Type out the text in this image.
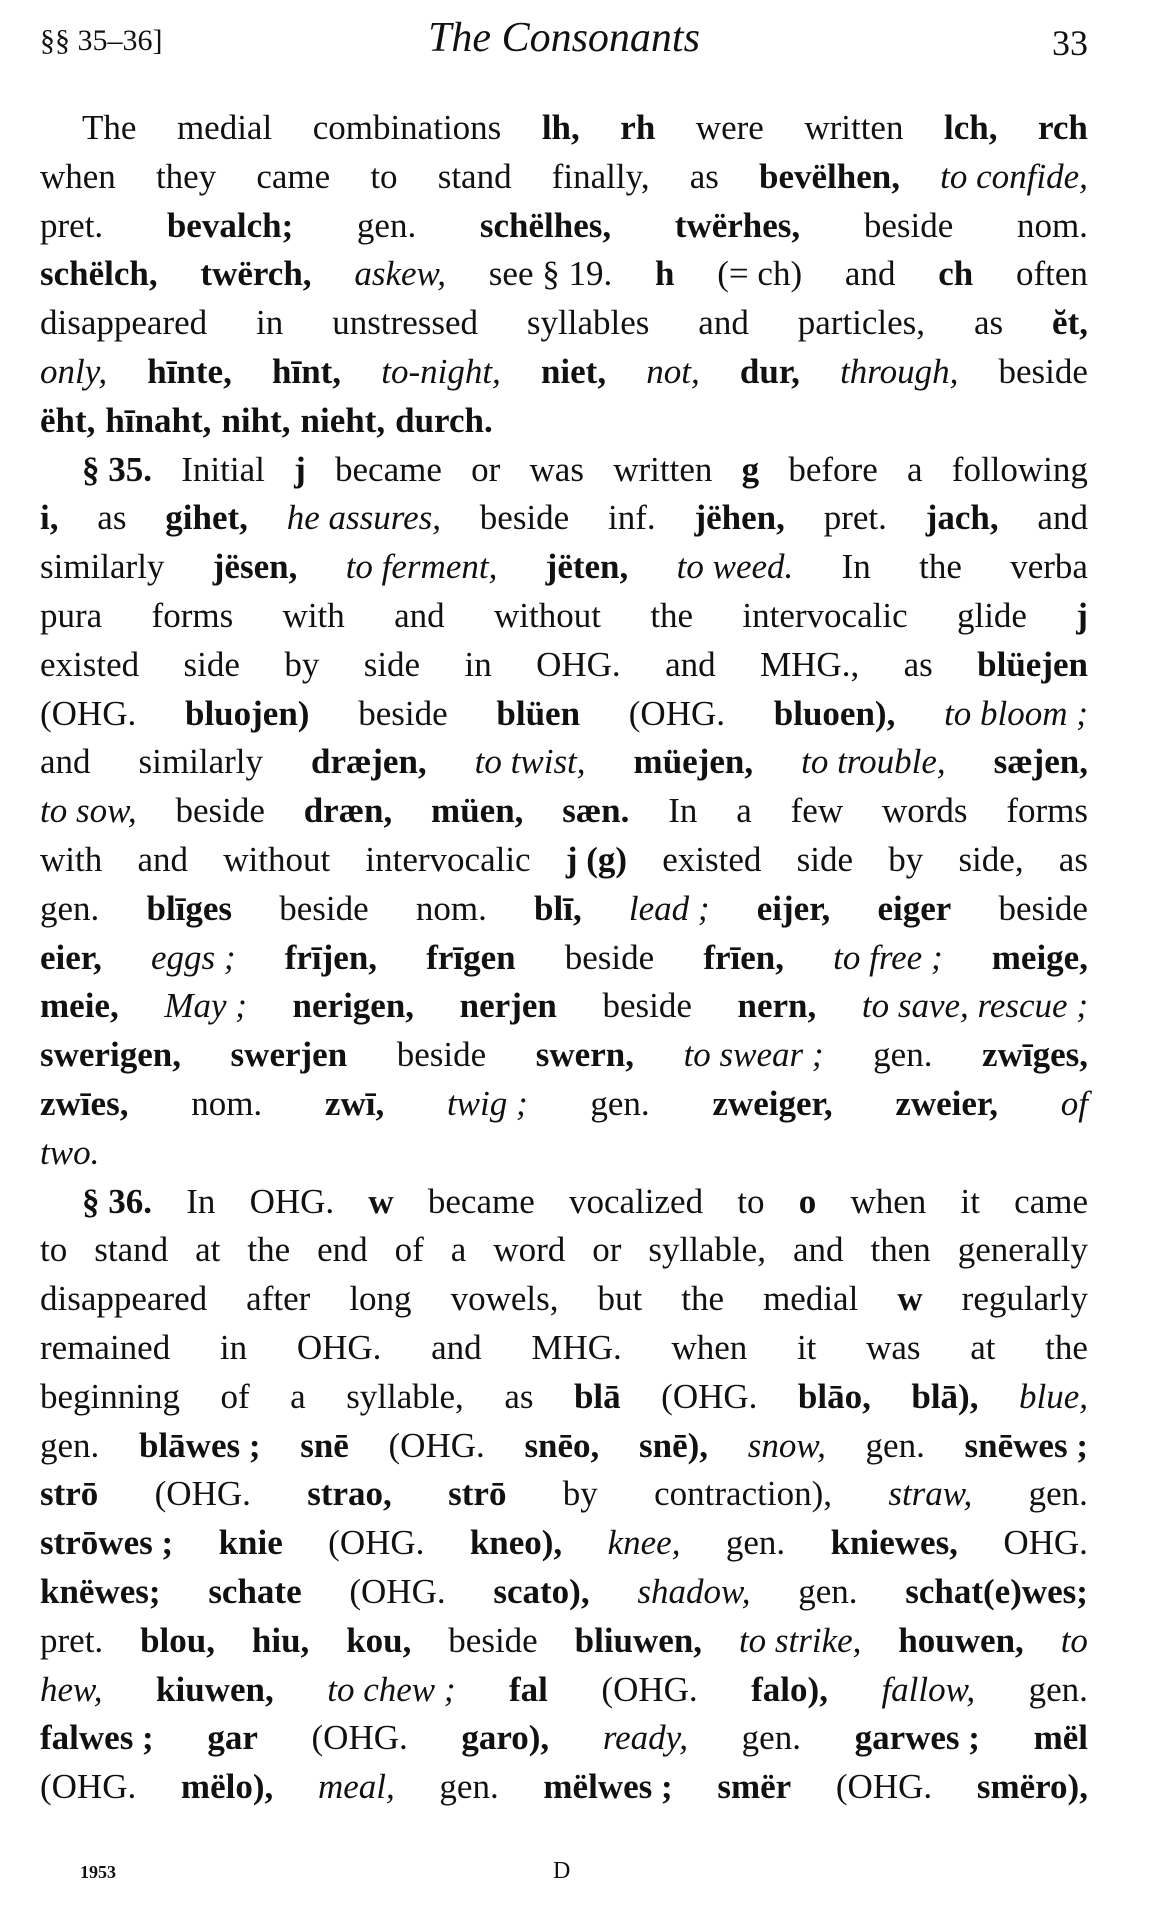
§§ 35–36]	The Consonants	33
The medial combinations lh, rh were written lch, rch
when they came to stand finally, as bevëlhen, to confide,
pret. bevalch; gen. schëlhes, twërhes, beside nom.
schëlch, twërch, askew, see § 19. h (= ch) and ch often
disappeared in unstressed syllables and particles, as ĕt,
only, hīnte, hīnt, to-night, niet, not, dur, through, beside
ëht, hīnaht, niht, nieht, durch.
§ 35. Initial j became or was written g before a following
i, as gihet, he assures, beside inf. jëhen, pret. jach, and
similarly jësen, to ferment, jëten, to weed. In the verba
pura forms with and without the intervocalic glide j
existed side by side in OHG. and MHG., as blüejen
(OHG. bluojen) beside blüen (OHG. bluoen), to bloom ;
and similarly dræjen, to twist, müejen, to trouble, sæjen,
to sow, beside dræn, müen, sæn. In a few words forms
with and without intervocalic j (g) existed side by side, as
gen. blīges beside nom. blī, lead ; eijer, eiger beside
eier, eggs ; frījen, frīgen beside frīen, to free ; meige,
meie, May ; nerigen, nerjen beside nern, to save, rescue ;
swerigen, swerjen beside swern, to swear ; gen. zwīges,
zwīes, nom. zwī, twig ; gen. zweiger, zweier, of
two.
§ 36. In OHG. w became vocalized to o when it came
to stand at the end of a word or syllable, and then generally
disappeared after long vowels, but the medial w regularly
remained in OHG. and MHG. when it was at the
beginning of a syllable, as blā (OHG. blāo, blā), blue,
gen. blāwes ; snē (OHG. snēo, snē), snow, gen. snēwes ;
strō (OHG. strao, strō by contraction), straw, gen.
strōwes ; knie (OHG. kneo), knee, gen. kniewes, OHG.
knëwes; schate (OHG. scato), shadow, gen. schat(e)wes;
pret. blou, hiu, kou, beside bliuwen, to strike, houwen, to
hew, kiuwen, to chew ; fal (OHG. falo), fallow, gen.
falwes ; gar (OHG. garo), ready, gen. garwes ; mël
(OHG. mëlo), meal, gen. mëlwes ; smër (OHG. smëro),
1953	D
